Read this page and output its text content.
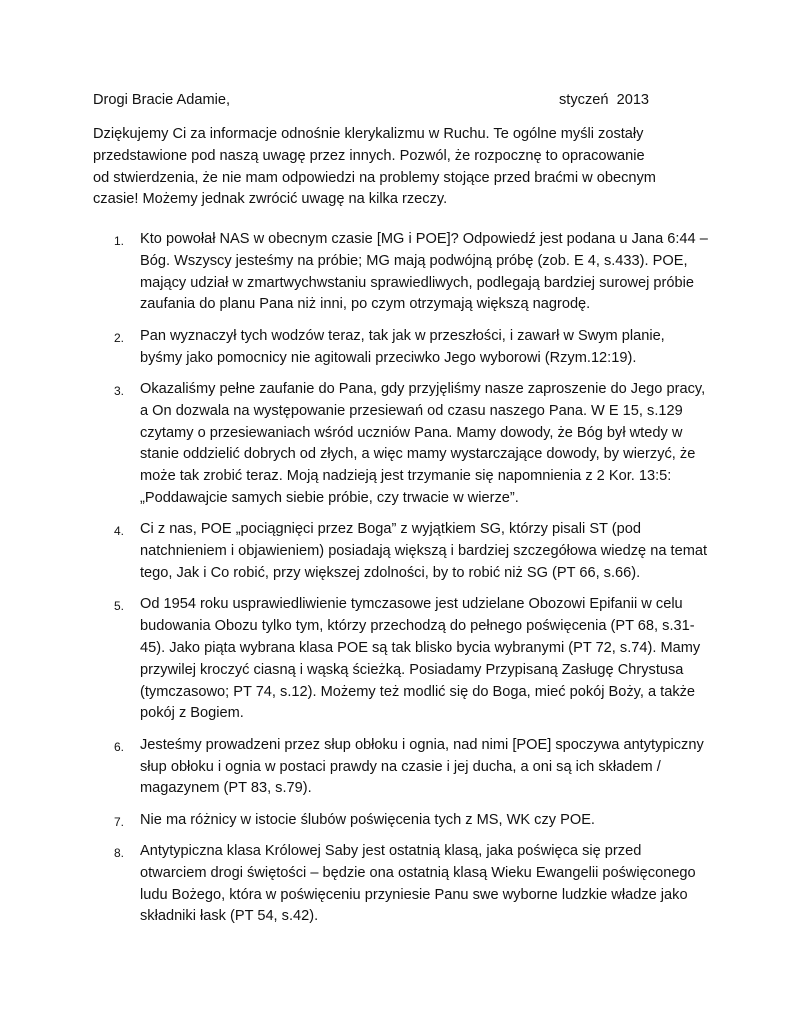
Drogi Bracie Adamie,	styczeń  2013

Dziękujemy Ci za informacje odnośnie klerykalizmu w Ruchu. Te ogólne myśli zostały przedstawione pod naszą uwagę przez innych. Pozwól, że rozpocznę to opracowanie od stwierdzenia, że nie mam odpowiedzi na problemy stojące przed braćmi w obecnym czasie! Możemy jednak zwrócić uwagę na kilka rzeczy.

1. Kto powołał NAS w obecnym czasie [MG i POE]? Odpowiedź jest podana u Jana 6:44 – Bóg. Wszyscy jesteśmy na próbie; MG mają podwójną próbę (zob. E 4, s.433). POE, mający udział w zmartwychwstaniu sprawiedliwych, podlegają bardziej surowej próbie zaufania do planu Pana niż inni, po czym otrzymają większą nagrodę.
2. Pan wyznaczył tych wodzów teraz, tak jak w przeszłości, i zawarł w Swym planie, byśmy jako pomocnicy nie agitowali przeciwko Jego wyborowi (Rzym.12:19).
3. Okazaliśmy pełne zaufanie do Pana, gdy przyjęliśmy nasze zaproszenie do Jego pracy, a On dozwala na występowanie przesiewań od czasu naszego Pana. W E 15, s.129 czytamy o przesiewaniach wśród uczniów Pana. Mamy dowody, że Bóg był wtedy w stanie oddzielić dobrych od złych, a więc mamy wystarczające dowody, by wierzyć, że może tak zrobić teraz. Moją nadzieją jest trzymanie się napomnienia z 2 Kor. 13:5: „Poddawajcie samych siebie próbie, czy trwacie w wierze”.
4. Ci z nas, POE „pociągnięci przez Boga” z wyjątkiem SG, którzy pisali ST (pod natchnieniem i objawieniem) posiadają większą i bardziej szczegółowa wiedzę na temat tego, Jak i Co robić, przy większej zdolności, by to robić niż SG (PT 66, s.66).
5. Od 1954 roku usprawiedliwienie tymczasowe jest udzielane Obozowi Epifanii w celu budowania Obozu tylko tym, którzy przechodzą do pełnego poświęcenia (PT 68, s.31-45). Jako piąta wybrana klasa POE są tak blisko bycia wybranymi (PT 72, s.74). Mamy przywilej kroczyć ciasną i wąską ścieżką. Posiadamy Przypisaną Zasługę Chrystusa (tymczasowo; PT 74, s.12). Możemy też modlić się do Boga, mieć pokój Boży, a także pokój z Bogiem.
6. Jesteśmy prowadzeni przez słup obłoku i ognia, nad nimi [POE] spoczywa antytypiczny słup obłoku i ognia w postaci prawdy na czasie i jej ducha, a oni są ich składem / magazynem (PT 83, s.79).
7. Nie ma różnicy w istocie ślubów poświęcenia tych z MS, WK czy POE.
8. Antytypiczna klasa Królowej Saby jest ostatnią klasą, jaka poświęca się przed otwarciem drogi świętości – będzie ona ostatnią klasą Wieku Ewangelii poświęconego ludu Bożego, która w poświęceniu przyniesie Panu swe wyborne ludzkie władze jako składniki łask (PT 54, s.42).
